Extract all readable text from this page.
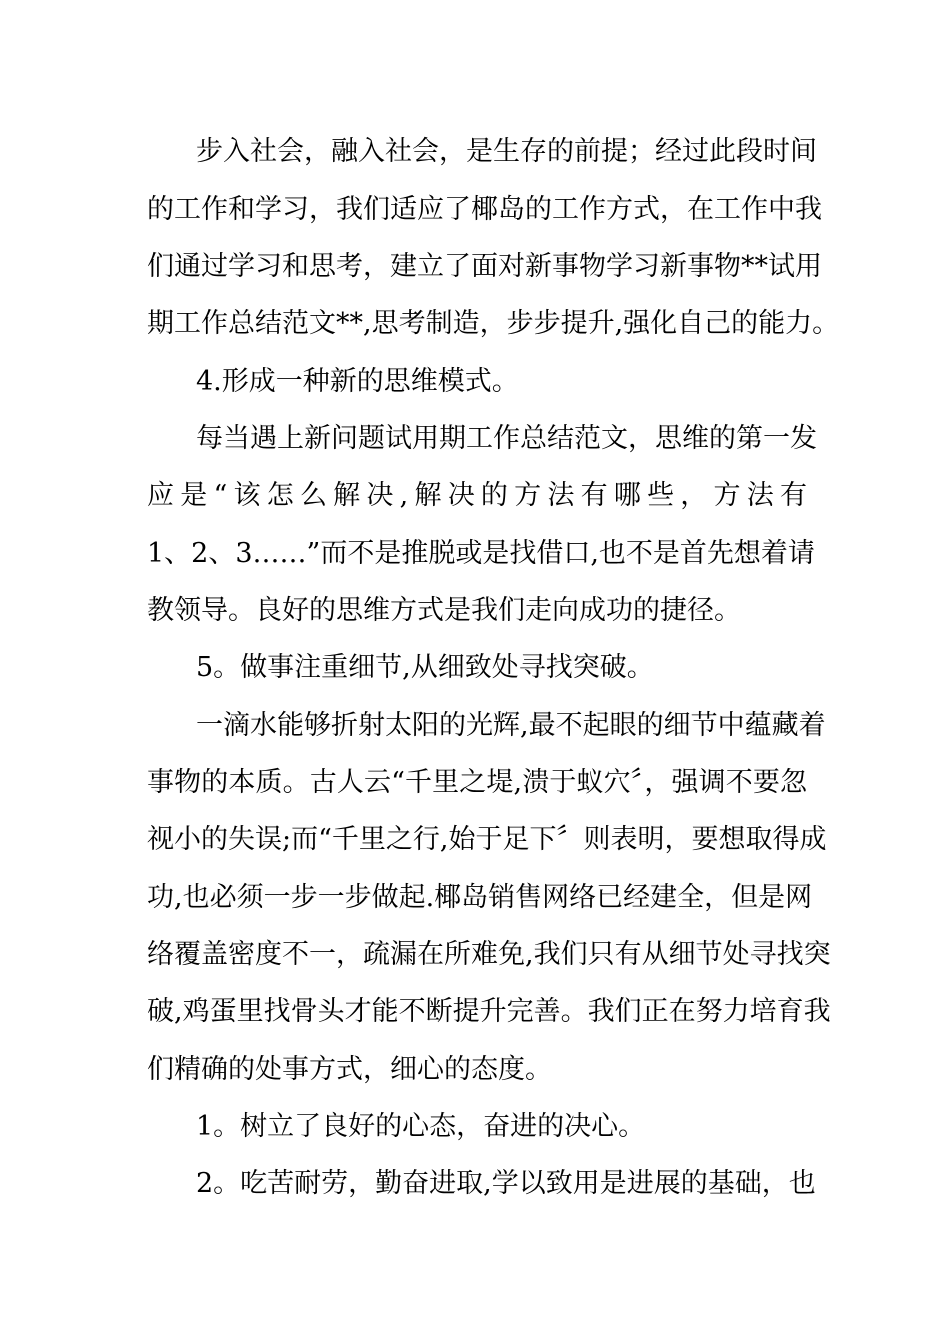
步入社会，融入社会，是生存的前提；经过此段时间
的工作和学习，我们适应了椰岛的工作方式，在工作中我
们通过学习和思考，建立了面对新事物学习新事物**试用
期工作总结范文**,思考制造，步步提升,强化自己的能力。
4.形成一种新的思维模式。
每当遇上新问题试用期工作总结范文，思维的第一发
应是“该怎么解决,解决的方法有哪些，方法有
1、2、3……”而不是推脱或是找借口,也不是首先想着请
教领导。良好的思维方式是我们走向成功的捷径。
5。做事注重细节,从细致处寻找突破。
一滴水能够折射太阳的光辉,最不起眼的细节中蕴藏着
事物的本质。古人云“千里之堤,溃于蚁穴〞，强调不要忽
视小的失误;而“千里之行,始于足下〞则表明，要想取得成
功,也必须一步一步做起.椰岛销售网络已经建全，但是网
络覆盖密度不一，疏漏在所难免,我们只有从细节处寻找突
破,鸡蛋里找骨头才能不断提升完善。我们正在努力培育我
们精确的处事方式，细心的态度。
1。树立了良好的心态，奋进的决心。
2。吃苦耐劳，勤奋进取,学以致用是进展的基础，也
